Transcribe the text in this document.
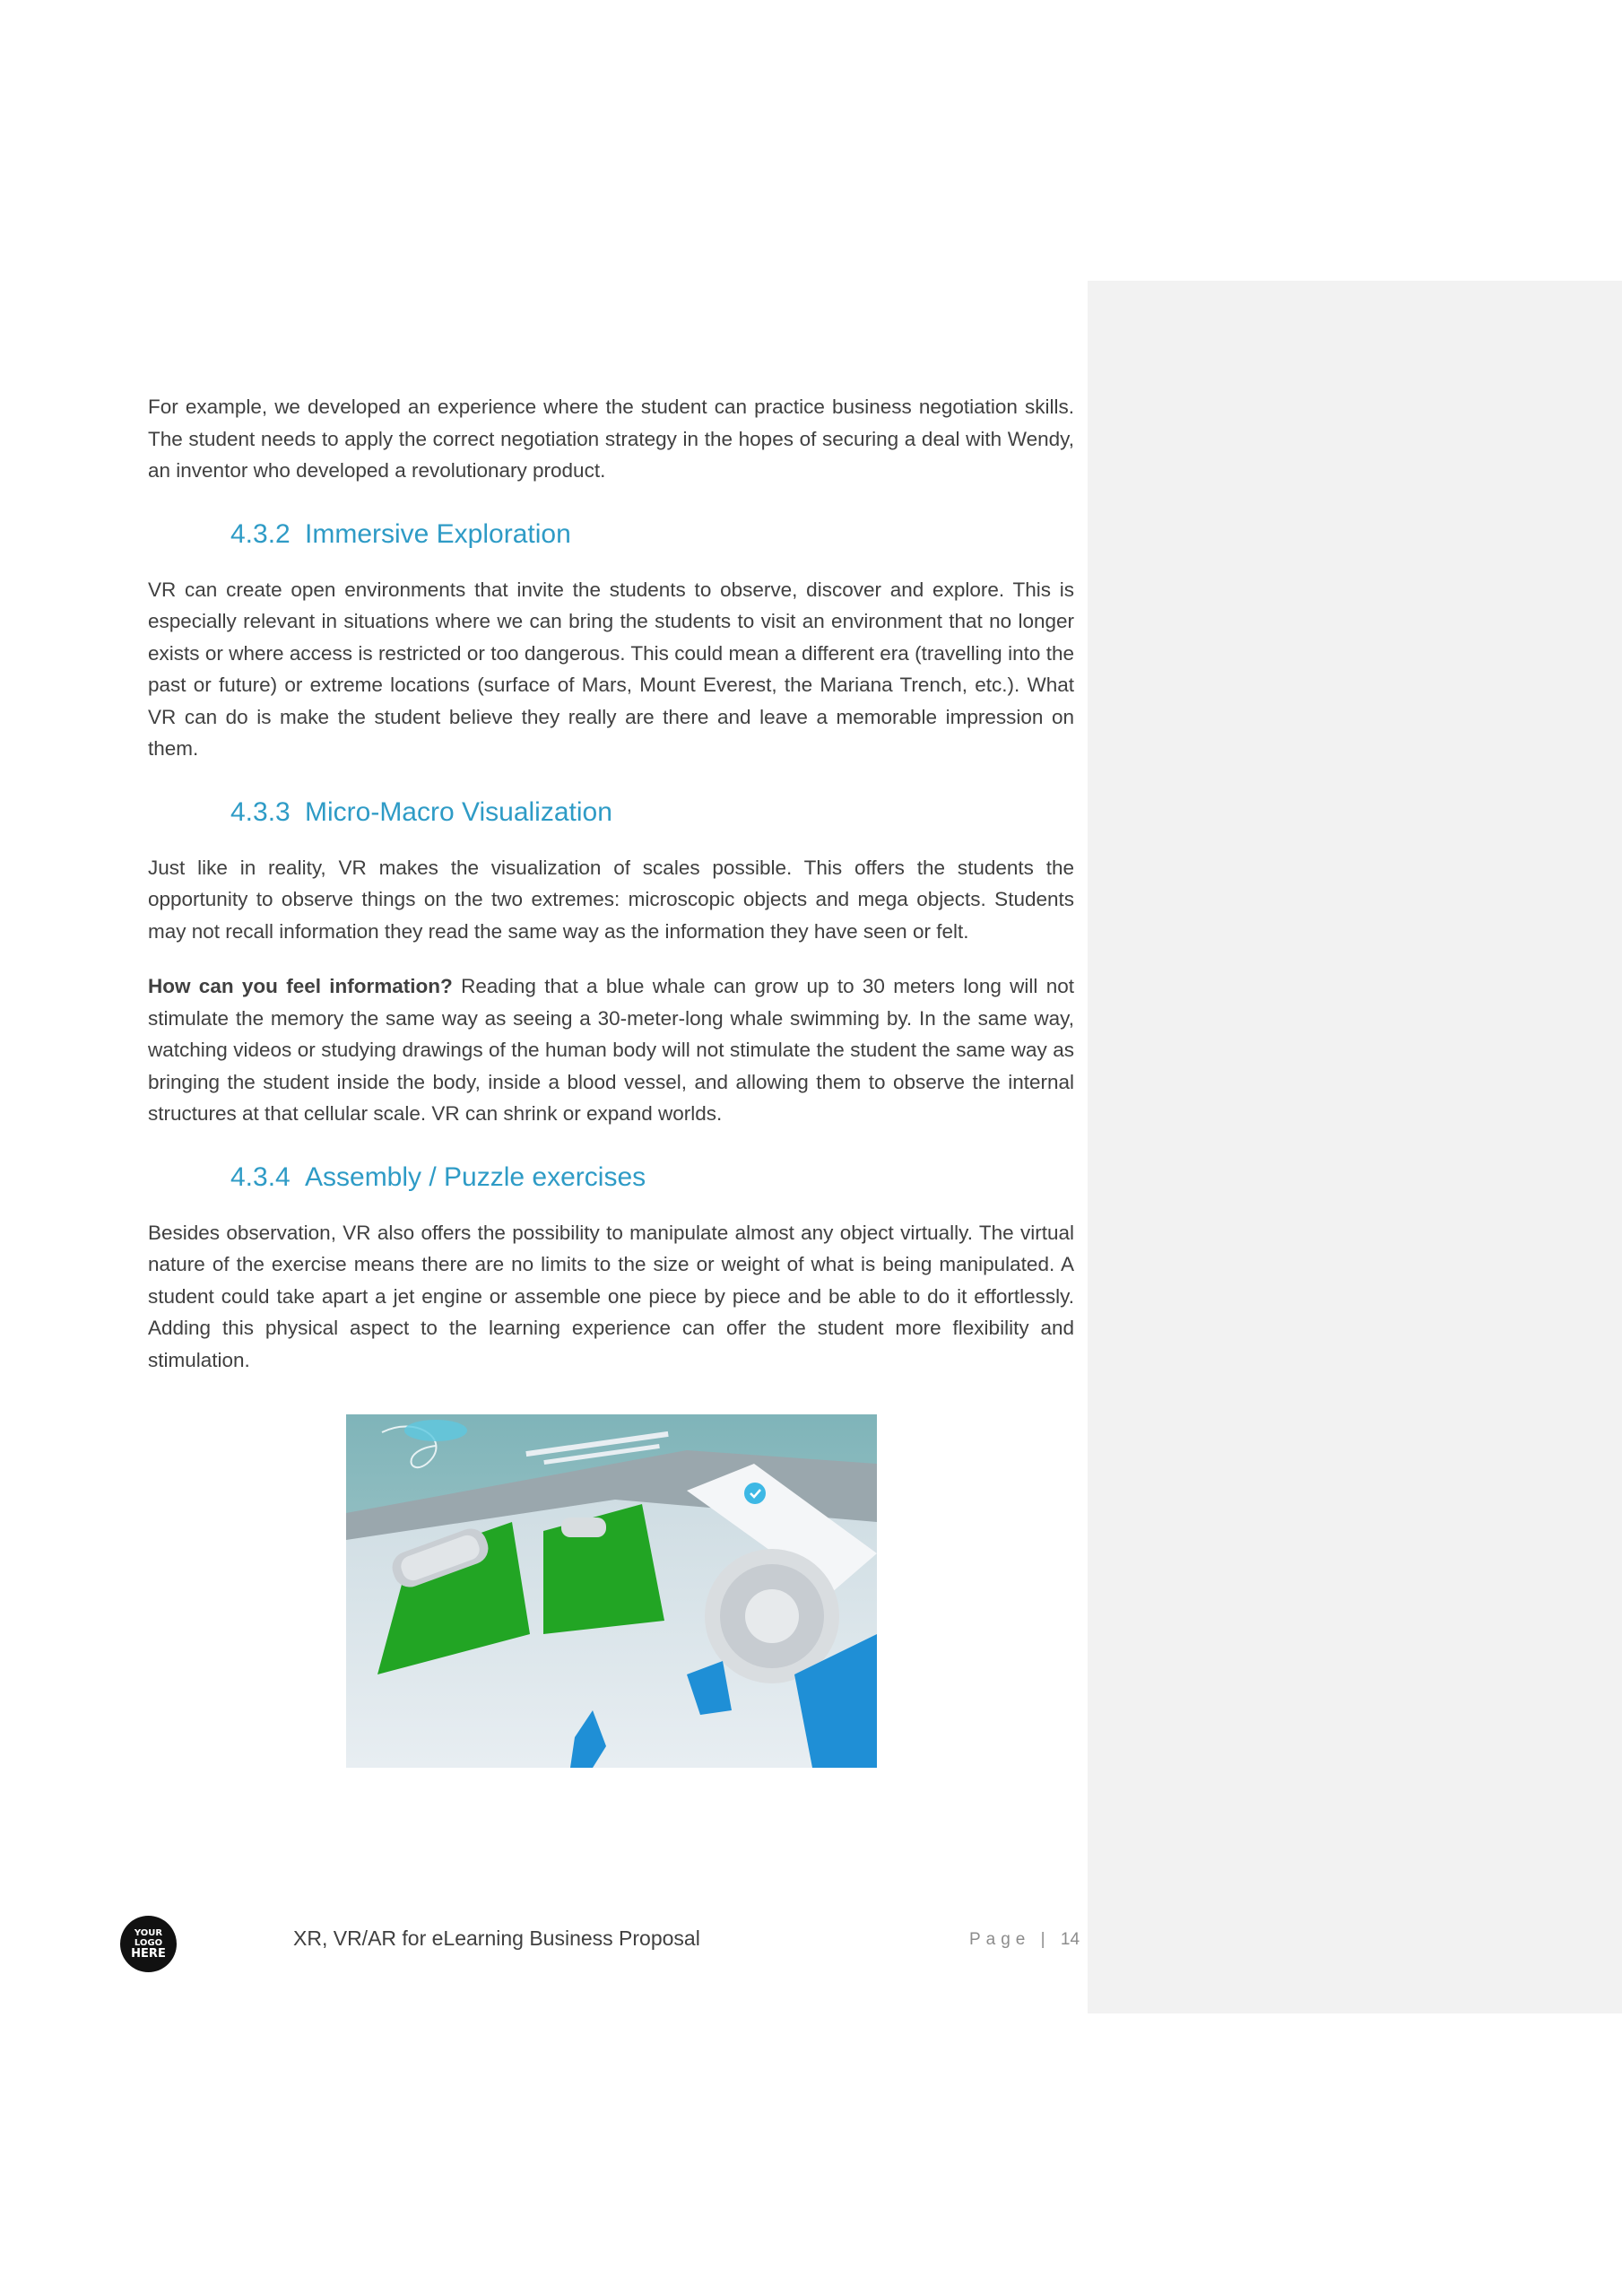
For example, we developed an experience where the student can practice business negotiation skills. The student needs to apply the correct negotiation strategy in the hopes of securing a deal with Wendy, an inventor who developed a revolutionary product.

4.3.2 Immersive Exploration

VR can create open environments that invite the students to observe, discover and explore. This is especially relevant in situations where we can bring the students to visit an environment that no longer exists or where access is restricted or too dangerous. This could mean a different era (travelling into the past or future) or extreme locations (surface of Mars, Mount Everest, the Mariana Trench, etc.). What VR can do is make the student believe they really are there and leave a memorable impression on them.

4.3.3 Micro-Macro Visualization

Just like in reality, VR makes the visualization of scales possible. This offers the students the opportunity to observe things on the two extremes: microscopic objects and mega objects. Students may not recall information they read the same way as the information they have seen or felt.

How can you feel information? Reading that a blue whale can grow up to 30 meters long will not stimulate the memory the same way as seeing a 30-meter-long whale swimming by. In the same way, watching videos or studying drawings of the human body will not stimulate the student the same way as bringing the student inside the body, inside a blood vessel, and allowing them to observe the internal structures at that cellular scale. VR can shrink or expand worlds.

4.3.4 Assembly / Puzzle exercises

Besides observation, VR also offers the possibility to manipulate almost any object virtually. The virtual nature of the exercise means there are no limits to the size or weight of what is being manipulated. A student could take apart a jet engine or assemble one piece by piece and be able to do it effortlessly. Adding this physical aspect to the learning experience can offer the student more flexibility and stimulation.

YOUR
LOGO
HERE
XR, VR/AR for eLearning Business Proposal	Page | 14
